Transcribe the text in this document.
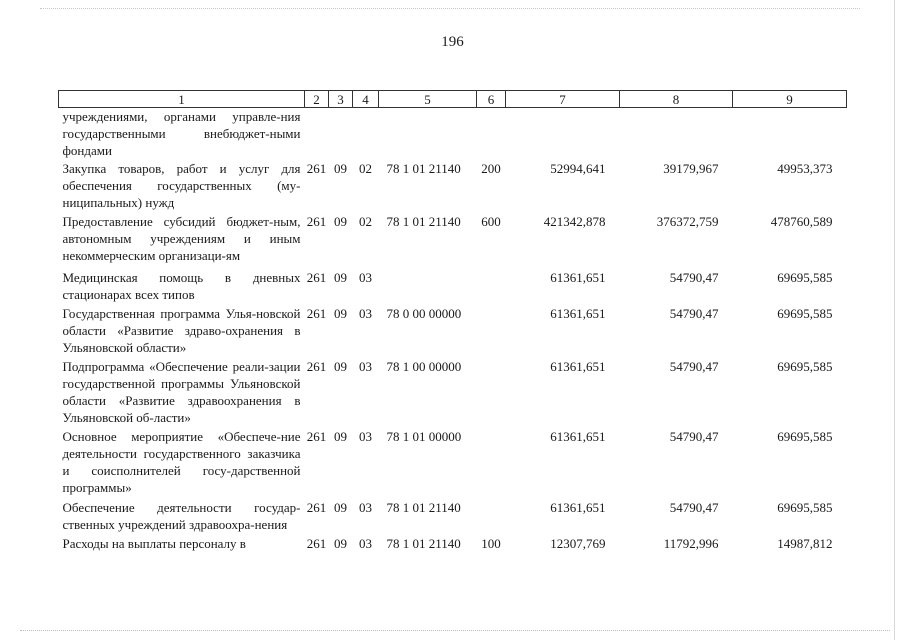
196
1	2	3	4	5	6	7	8	9
учреждениями, органами управле-ния государственными внебюджет-ными фондами								
Закупка товаров, работ и услуг для обеспечения государственных (му-ниципальных) нужд	261	09	02	78 1 01 21140	200	52994,641	39179,967	49953,373
Предоставление субсидий бюджет-ным, автономным учреждениям и иным некоммерческим организаци-ям	261	09	02	78 1 01 21140	600	421342,878	376372,759	478760,589
Медицинская помощь в дневных стационарах всех типов	261	09	03			61361,651	54790,47	69695,585
Государственная программа Улья-новской области «Развитие здраво-охранения в Ульяновской области»	261	09	03	78 0 00 00000		61361,651	54790,47	69695,585
Подпрограмма «Обеспечение реали-зации государственной программы Ульяновской области «Развитие здравоохранения в Ульяновской об-ласти»	261	09	03	78 1 00 00000		61361,651	54790,47	69695,585
Основное мероприятие «Обеспече-ние деятельности государственного заказчика и соисполнителей госу-дарственной программы»	261	09	03	78 1 01 00000		61361,651	54790,47	69695,585
Обеспечение деятельности государ-ственных учреждений здравоохра-нения	261	09	03	78 1 01 21140		61361,651	54790,47	69695,585
Расходы на выплаты персоналу в	261	09	03	78 1 01 21140	100	12307,769	11792,996	14987,812
